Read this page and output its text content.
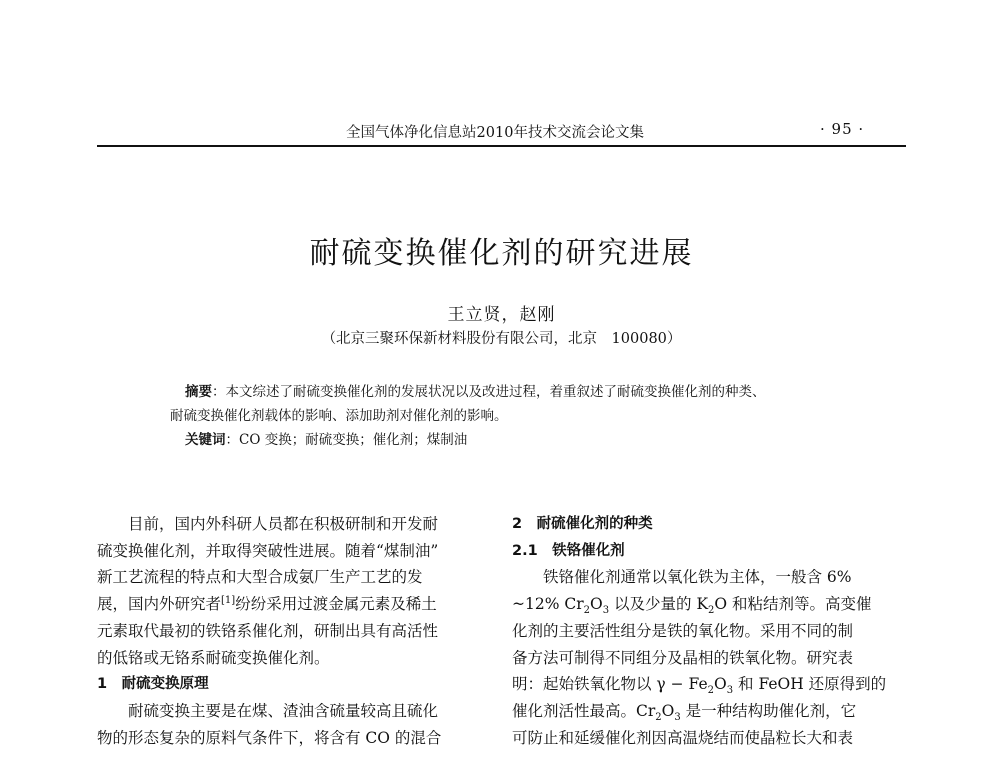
全国气体净化信息站2010年技术交流会论文集	· 95 ·
耐硫变换催化剂的研究进展
王立贤，赵刚
（北京三聚环保新材料股份有限公司，北京　100080）
摘要：本文综述了耐硫变换催化剂的发展状况以及改进过程，着重叙述了耐硫变换催化剂的种类、
耐硫变换催化剂载体的影响、添加助剂对催化剂的影响。
关键词：CO 变换；耐硫变换；催化剂；煤制油

目前，国内外科研人员都在积极研制和开发耐

硫变换催化剂，并取得突破性进展。随着“煤制油”

新工艺流程的特点和大型合成氨厂生产工艺的发

展，国内外研究者[1]纷纷采用过渡金属元素及稀土

元素取代最初的铁铬系催化剂，研制出具有高活性

的低铬或无铬系耐硫变换催化剂。

1　耐硫变换原理

耐硫变换主要是在煤、渣油含硫量较高且硫化

物的形态复杂的原料气条件下，将含有 CO 的混合

2　耐硫催化剂的种类

2.1　铁铬催化剂

铁铬催化剂通常以氧化铁为主体，一般含 6%

~12% $Cr_2O_3$ 以及少量的 $K_2O$ 和粘结剂等。高变催

化剂的主要活性组分是铁的氧化物。采用不同的制

备方法可制得不同组分及晶相的铁氧化物。研究表

明：起始铁氧化物以 $\gamma - Fe_2O_3$ 和 FeOH 还原得到的

催化剂活性最高。$Cr_2O_3$ 是一种结构助催化剂，它

可防止和延缓催化剂因高温烧结而使晶粒长大和表
